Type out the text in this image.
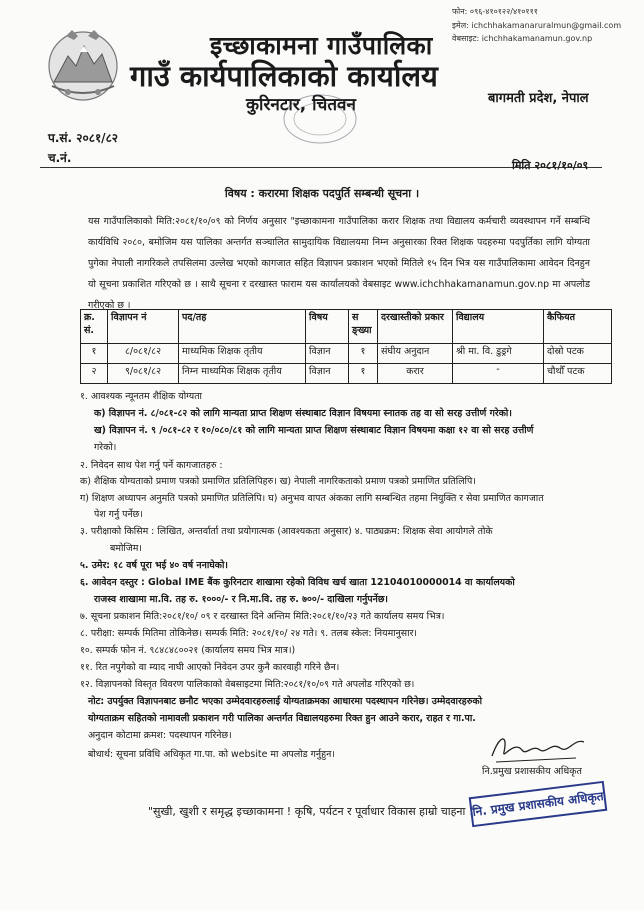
फोन: ०९६-४१०१२२/४१०१११
इमेल: ichchhakamanaruralmun@gmail.com
वेबसाइट: ichchhakamanamun.gov.np
इच्छाकामना गाउँपालिका
गाउँ कार्यपालिकाको कार्यालय
कुरिनटार, चितवन	बागमती प्रदेश, नेपाल
प.सं. २०८१/८२
च.नं.
मिति २०८१/१०/०९
विषय : करारमा शिक्षक पदपुर्ति सम्बन्धी सूचना ।
यस गाउँपालिकाको मिति:२०८१/१०/०९ को निर्णय अनुसार "इच्छाकामना गाउँपालिका करार शिक्षक तथा विद्यालय कर्मचारी व्यवस्थापन गर्ने सम्बन्धि कार्यविधि २०८०, बमोजिम यस पालिका अन्तर्गत सञ्चालित सामुदायिक विद्यालयमा निम्न अनुसारका रिक्त शिक्षक पदहरुमा पदपुर्तिका लागि योग्यता पुगेका नेपाली नागरिकले तपसिलमा उल्लेख भएको कागजात सहित विज्ञापन प्रकाशन भएको मितिले १५ दिन भित्र यस गाउँपालिकामा आवेदन दिनहुन यो सूचना प्रकाशित गरिएको छ । साथै सूचना र दरखास्त फाराम यस कार्यालयको वेबसाइट www.ichchhakamanamun.gov.np मा अपलोड गरीएको छ ।
क्र. सं.	विज्ञापन नं	पद/तह	विषय	स ङ्ख्या	दरखास्तीको प्रकार	विद्यालय	कैफियत
१	८/०८१/८२	माध्यमिक शिक्षक तृतीय	विज्ञान	१	संघीय अनुदान	श्री मा. वि. डुड्रगे	दोस्रो पटक
२	९/०८१/८२	निम्न माध्यमिक शिक्षक तृतीय	विज्ञान	१	करार	-	चौथौँ पटक
१. आवश्यक न्यूनतम शैक्षिक योग्यता
क) विज्ञापन नं. ८/०८१-८२ को लागि मान्यता प्राप्त शिक्षण संस्थाबाट विज्ञान विषयमा स्नातक तह वा सो सरह उत्तीर्ण गरेको।
ख) विज्ञापन नं. ९ /०८१-८२ र १०/०८०/८१ को लागि मान्यता प्राप्त शिक्षण संस्थाबाट विज्ञान विषयमा कक्षा १२ वा सो सरह उत्तीर्ण
गरेको।
२. निवेदन साथ पेश गर्नु पर्ने कागजातहरु :
क) शैक्षिक योग्यताको प्रमाण पत्रको प्रमाणित प्रतिलिपिहरु। ख) नेपाली नागरिकताको प्रमाण पत्रको प्रमाणित प्रतिलिपि।
ग) शिक्षण अध्यापन अनुमति पत्रको प्रमाणित प्रतिलिपि। घ) अनुभव वापत अंकका लागि सम्बन्धित तहमा नियुक्ति र सेवा प्रमाणित कागजात
पेश गर्नु पर्नेछ।
३. परीक्षाको किसिम : लिखित, अन्तर्वार्ता तथा प्रयोगात्मक (आवश्यकता अनुसार) ४. पाठ्यक्रम: शिक्षक सेवा आयोगले तोके
बमोजिम।
५. उमेर: १८ वर्ष पूरा भई ४० वर्ष ननाघेको।
६. आवेदन दस्तुर : Global IME बैंक कुरिनटार शाखामा रहेको विविध खर्च खाता 12104010000014 वा कार्यालयको
राजस्व शाखामा मा.वि. तह रु. १०००/- र नि.मा.वि. तह रु. ७००/- दाखिला गर्नुपर्नेछ।
७. सूचना प्रकाशन मिति:२०८१/१०/ ०९ र दरखास्त दिने अन्तिम मिति:२०८१/१०/२३ गते कार्यालय समय भित्र।
८. परीक्षा: सम्पर्क मितिमा तोकिनेछ। सम्पर्क मिति: २०८१/१०/ २४ गते। ९. तलब स्केल: नियमानुसार।
१०. सम्पर्क फोन नं. ९८४८४८००२१ (कार्यालय समय भित्र मात्र।)
११. रित नपुगेको वा म्याद नाघी आएको निवेदन उपर कुनै कारवाही गरिने छैन।
१२. विज्ञापनको विस्तृत विवरण पालिकाको वेबसाइटमा मिति:२०८१/१०/०९ गते अपलोड गरिएको छ।
नोट: उपर्युक्त विज्ञापनबाट छनौट भएका उम्मेदवारहरुलाई योग्यताक्रमका आधारमा पदस्थापन गरिनेछ। उम्मेदवारहरुको
योग्यताक्रम सहितको नामावली प्रकाशन गरी पालिका अन्तर्गत विद्यालयहरुमा रिक्त हुन आउने करार, राहत र गा.पा.
अनुदान कोटामा क्रमश: पदस्थापन गरिनेछ।
बोधार्थ: सूचना प्रविधि अधिकृत गा.पा. को website मा अपलोड गर्नुहुन।
नि.प्रमुख प्रशासकीय अधिकृत
"सुखी, खुशी र समृद्ध इच्छाकामना ! कृषि, पर्यटन र पूर्वाधार विकास हाम्रो चाहना !"
नि. प्रमुख प्रशासकीय अधिकृत
